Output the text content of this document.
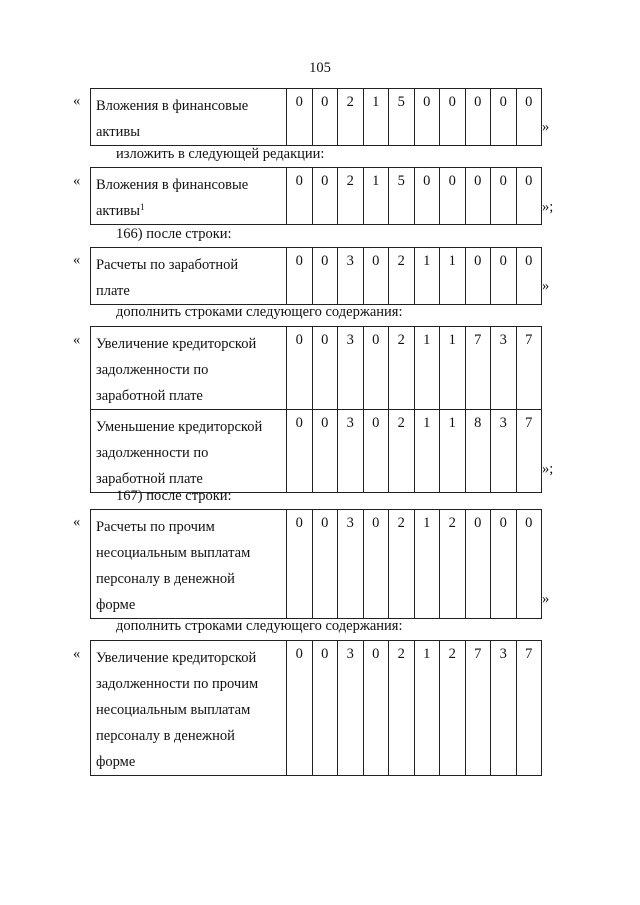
105
« Вложения в финансовые
активы	0	0	2	1	5	0	0	0	0	0
»
изложить в следующей редакции:
« Вложения в финансовые
активы$^1$	0	0	2	1	5	0	0	0	0	0
»;
166) после строки:
« Расчеты по заработной
плате	0	0	3	0	2	1	1	0	0	0
»
дополнить строками следующего содержания:
« Увеличение кредиторской
задолженности по
заработной плате	0	0	3	0	2	1	1	7	3	7
Уменьшение кредиторской
задолженности по
заработной плате	0	0	3	0	2	1	1	8	3	7
»;
167) после строки:
« Расчеты по прочим
несоциальным выплатам
персоналу в денежной
форме	0	0	3	0	2	1	2	0	0	0
»
дополнить строками следующего содержания:
« Увеличение кредиторской
задолженности по прочим
несоциальным выплатам
персоналу в денежной
форме	0	0	3	0	2	1	2	7	3	7
